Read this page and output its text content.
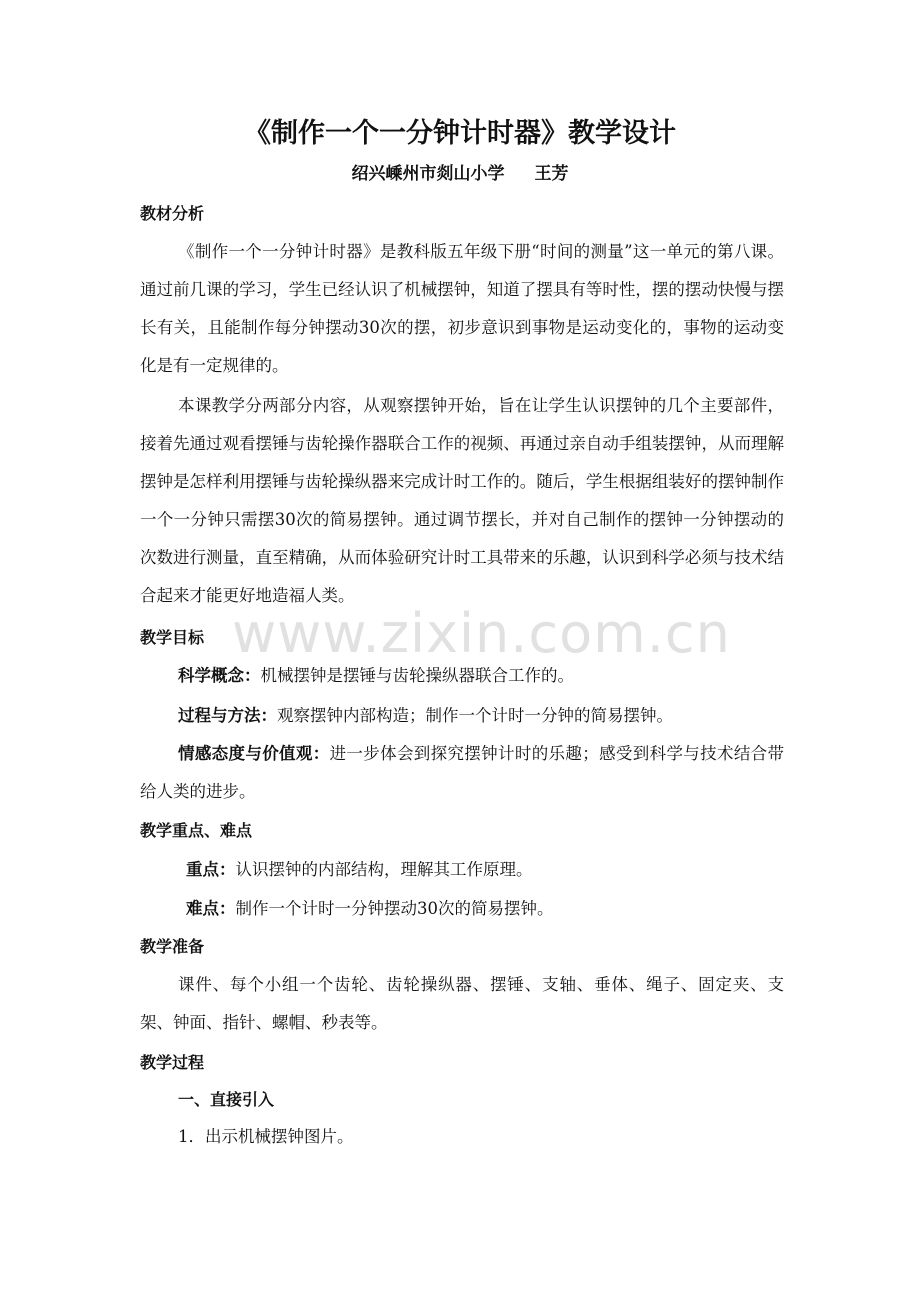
www.zixin.com.cn
《制作一个一分钟计时器》教学设计
绍兴嵊州市剡山小学 王芳

教材分析

《制作一个一分钟计时器》是教科版五年级下册“时间的测量”这一单元的第八课。通过前几课的学习，学生已经认识了机械摆钟，知道了摆具有等时性，摆的摆动快慢与摆长有关，且能制作每分钟摆动30次的摆，初步意识到事物是运动变化的，事物的运动变化是有一定规律的。

本课教学分两部分内容，从观察摆钟开始，旨在让学生认识摆钟的几个主要部件，接着先通过观看摆锤与齿轮操作器联合工作的视频、再通过亲自动手组装摆钟，从而理解摆钟是怎样利用摆锤与齿轮操纵器来完成计时工作的。随后，学生根据组装好的摆钟制作一个一分钟只需摆30次的简易摆钟。通过调节摆长，并对自己制作的摆钟一分钟摆动的次数进行测量，直至精确，从而体验研究计时工具带来的乐趣，认识到科学必须与技术结合起来才能更好地造福人类。

教学目标

科学概念：机械摆钟是摆锤与齿轮操纵器联合工作的。

过程与方法：观察摆钟内部构造；制作一个计时一分钟的简易摆钟。

情感态度与价值观：进一步体会到探究摆钟计时的乐趣；感受到科学与技术结合带给人类的进步。

教学重点、难点

重点：认识摆钟的内部结构，理解其工作原理。

难点：制作一个计时一分钟摆动30次的简易摆钟。

教学准备

课件、每个小组一个齿轮、齿轮操纵器、摆锤、支轴、垂体、绳子、固定夹、支架、钟面、指针、螺帽、秒表等。

教学过程

一、直接引入

1．出示机械摆钟图片。
